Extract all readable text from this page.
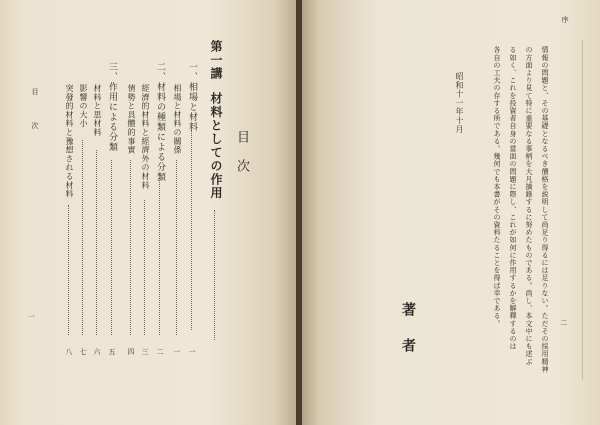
目次
第一講
材料としての作用
一、相場と材料
一
相場と材料の關係
一
二、材料の種類による分類
二
經濟的材料と經濟外の材料
三
情勢と具體的事實
四
三、作用による分類
五
材料と思材料
六
影響の大小
七
突發的材料と豫想される材料
八
目
次
一
序
二
情報の問題と、その基礎となるべき價格を説明して尚足り得るには足りない。ただその採用精神
の方面より見て特に重要なる事柄を大凡摘錄するに努めたものである。尚し、本文中にも述ぶ
る如く、これを投資者自身の當面の問題に際し、これが如何に作用するかを解釋するのは
各自の工夫の存する所である。幾何でも本書がその資料たることを得ば幸である。
昭和十一年十月
著者
